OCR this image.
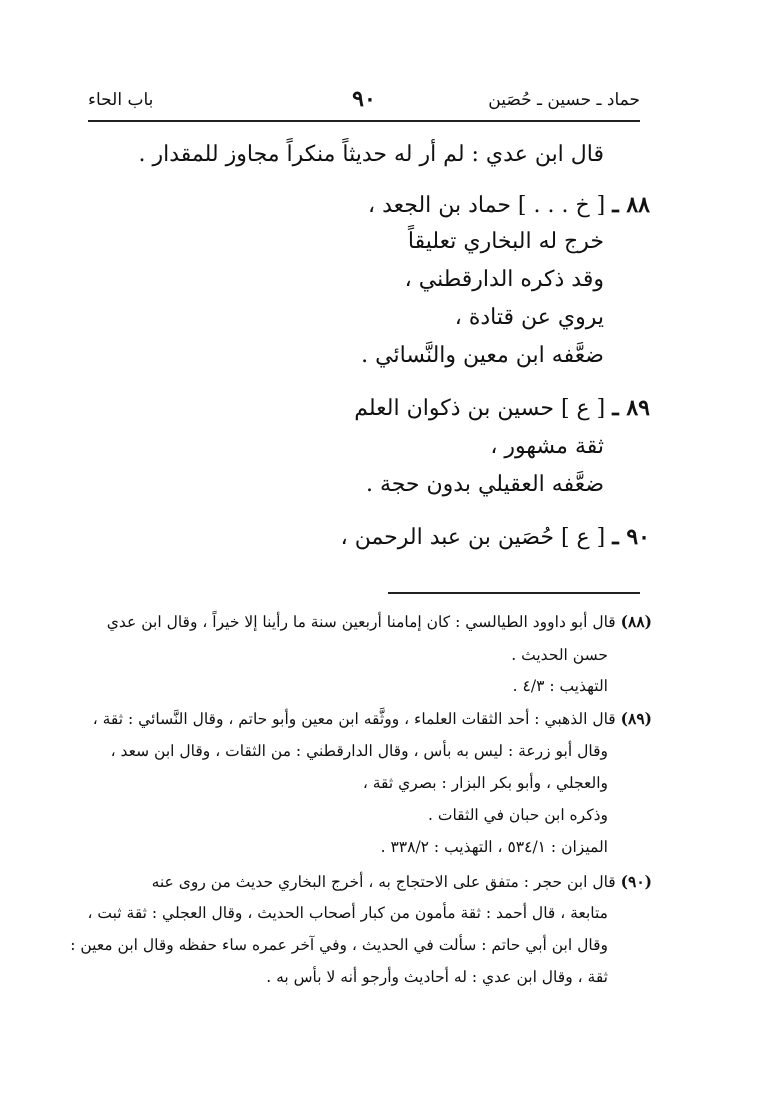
حماد ـ حسين ـ حُصَين
٩٠
باب الحاء
قال ابن عدي : لم أر له حديثاً منكراً مجاوز للمقدار .
٨٨ ـ [ خ . . . ] حماد بن الجعد ،
خرج له البخاري تعليقاً
وقد ذكره الدارقطني ،
يروي عن قتادة ،
ضعَّفه ابن معين والنَّسائي .
٨٩ ـ [ ع ] حسين بن ذكوان العلم
ثقة مشهور ،
ضعَّفه العقيلي بدون حجة .
٩٠ ـ [ ع ] حُصَين بن عبد الرحمن ،
(٨٨) قال أبو داوود الطيالسي : كان إمامنا أربعين سنة ما رأينا إلا خيراً ، وقال ابن عدي
حسن الحديث .
التهذيب : ٤/٣ .
(٨٩) قال الذهبي : أحد الثقات العلماء ، ووثَّقه ابن معين وأبو حاتم ، وقال النَّسائي : ثقة ،
وقال أبو زرعة : ليس به بأس ، وقال الدارقطني : من الثقات ، وقال ابن سعد ،
والعجلي ، وأبو بكر البزار : بصري ثقة ،
وذكره ابن حبان في الثقات .
الميزان : ٥٣٤/١ ، التهذيب : ٣٣٨/٢ .
(٩٠) قال ابن حجر : متفق على الاحتجاج به ، أخرج البخاري حديث من روى عنه
متابعة ، قال أحمد : ثقة مأمون من كبار أصحاب الحديث ، وقال العجلي : ثقة ثبت ،
وقال ابن أبي حاتم : سألت في الحديث ، وفي آخر عمره ساء حفظه وقال ابن معين :
ثقة ، وقال ابن عدي : له أحاديث وأرجو أنه لا بأس به .
